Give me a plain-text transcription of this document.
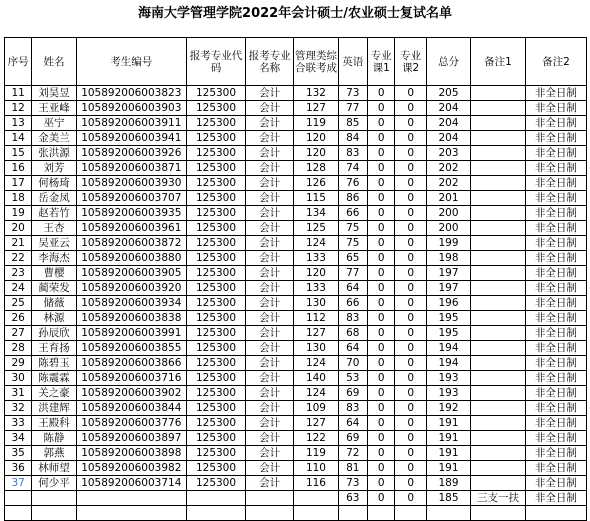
海南大学管理学院2022年会计硕士/农业硕士复试名单
序号	姓名	考生编号	报考专业代码	报考专业名称	管理类综合联考成	英语	专业课1	专业课2	总分	备注1	备注2
11	刘昊昱	105892006003823	125300	会计	132	73	0	0	205		非全日制
12	王亚峰	105892006003903	125300	会计	127	77	0	0	204		非全日制
13	巫宁	105892006003911	125300	会计	119	85	0	0	204		非全日制
14	金美兰	105892006003941	125300	会计	120	84	0	0	204		非全日制
15	张洪源	105892006003926	125300	会计	120	83	0	0	203		非全日制
16	刘芳	105892006003871	125300	会计	128	74	0	0	202		非全日制
17	何杨琦	105892006003930	125300	会计	126	76	0	0	202		非全日制
18	岳金凤	105892006003707	125300	会计	115	86	0	0	201		非全日制
19	赵若竹	105892006003935	125300	会计	134	66	0	0	200		非全日制
20	王杏	105892006003961	125300	会计	125	75	0	0	200		非全日制
21	吴亚云	105892006003872	125300	会计	124	75	0	0	199		非全日制
22	李海杰	105892006003880	125300	会计	133	65	0	0	198		非全日制
23	曹樱	105892006003905	125300	会计	120	77	0	0	197		非全日制
24	蔺荣发	105892006003920	125300	会计	133	64	0	0	197		非全日制
25	储薇	105892006003934	125300	会计	130	66	0	0	196		非全日制
26	林源	105892006003838	125300	会计	112	83	0	0	195		非全日制
27	孙辰欣	105892006003991	125300	会计	127	68	0	0	195		非全日制
28	王育扬	105892006003855	125300	会计	130	64	0	0	194		非全日制
29	陈碧玉	105892006003866	125300	会计	124	70	0	0	194		非全日制
30	陈震霖	105892006003716	125300	会计	140	53	0	0	193		非全日制
31	关之豪	105892006003902	125300	会计	124	69	0	0	193		非全日制
32	洪建辉	105892006003844	125300	会计	109	83	0	0	192		非全日制
33	王殿科	105892006003776	125300	会计	127	64	0	0	191		非全日制
34	陈静	105892006003897	125300	会计	122	69	0	0	191		非全日制
35	郭燕	105892006003898	125300	会计	119	72	0	0	191		非全日制
36	林师望	105892006003982	125300	会计	110	81	0	0	191		非全日制
37	何少平	105892006003714	125300	会计	116	73	0	0	189		非全日制
						63	0	0	185	三支一扶	非全日制
